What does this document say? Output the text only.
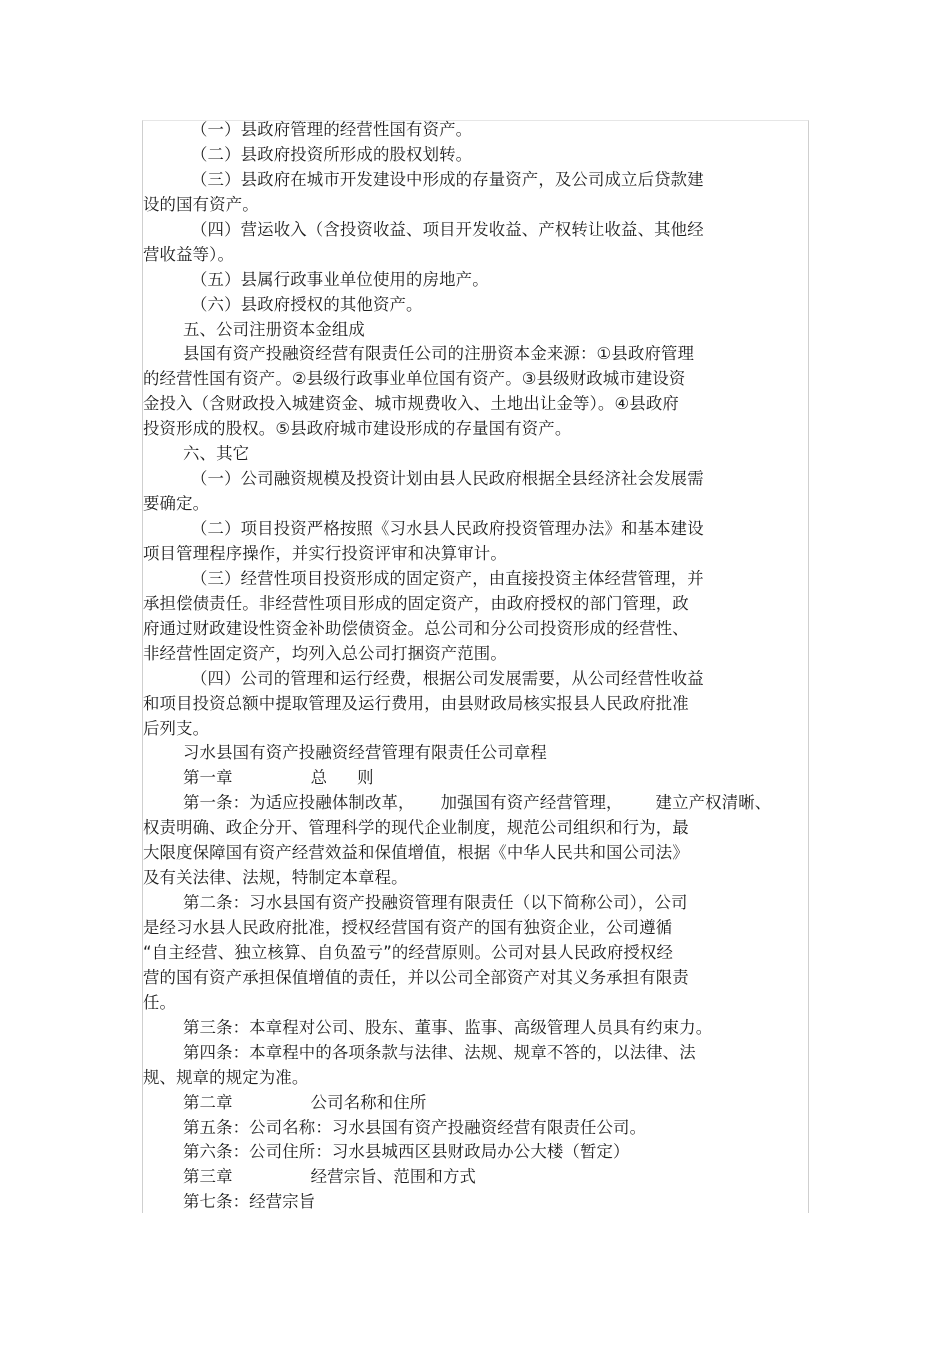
（一）县政府管理的经营性国有资产。
（二）县政府投资所形成的股权划转。
（三）县政府在城市开发建设中形成的存量资产，及公司成立后贷款建
设的国有资产。
（四）营运收入（含投资收益、项目开发收益、产权转让收益、其他经
营收益等）。
（五）县属行政事业单位使用的房地产。
（六）县政府授权的其他资产。
五、公司注册资本金组成
县国有资产投融资经营有限责任公司的注册资本金来源：①县政府管理
的经营性国有资产。②县级行政事业单位国有资产。③县级财政城市建设资
金投入（含财政投入城建资金、城市规费收入、土地出让金等）。④县政府
投资形成的股权。⑤县政府城市建设形成的存量国有资产。
六、其它
（一）公司融资规模及投资计划由县人民政府根据全县经济社会发展需
要确定。
（二）项目投资严格按照《习水县人民政府投资管理办法》和基本建设
项目管理程序操作，并实行投资评审和决算审计。
（三）经营性项目投资形成的固定资产，由直接投资主体经营管理，并
承担偿债责任。非经营性项目形成的固定资产，由政府授权的部门管理，政
府通过财政建设性资金补助偿债资金。总公司和分公司投资形成的经营性、
非经营性固定资产，均列入总公司打捆资产范围。
（四）公司的管理和运行经费，根据公司发展需要，从公司经营性收益
和项目投资总额中提取管理及运行费用，由县财政局核实报县人民政府批准
后列支。
习水县国有资产投融资经营管理有限责任公司章程
第一章	总 则
第一条：为适应投融体制改革， 加强国有资产经营管理， 建立产权清晰、
权责明确、政企分开、管理科学的现代企业制度，规范公司组织和行为，最
大限度保障国有资产经营效益和保值增值，根据《中华人民共和国公司法》
及有关法律、法规，特制定本章程。
第二条：习水县国有资产投融资管理有限责任（以下简称公司），公司
是经习水县人民政府批准，授权经营国有资产的国有独资企业，公司遵循
“自主经营、独立核算、自负盈亏”的经营原则。公司对县人民政府授权经
营的国有资产承担保值增值的责任，并以公司全部资产对其义务承担有限责
任。
第三条：本章程对公司、股东、董事、监事、高级管理人员具有约束力。
第四条：本章程中的各项条款与法律、法规、规章不答的，以法律、法
规、规章的规定为准。
第二章	公司名称和住所
第五条：公司名称：习水县国有资产投融资经营有限责任公司。
第六条：公司住所：习水县城西区县财政局办公大楼（暂定）
第三章	经营宗旨、范围和方式
第七条：经营宗旨
